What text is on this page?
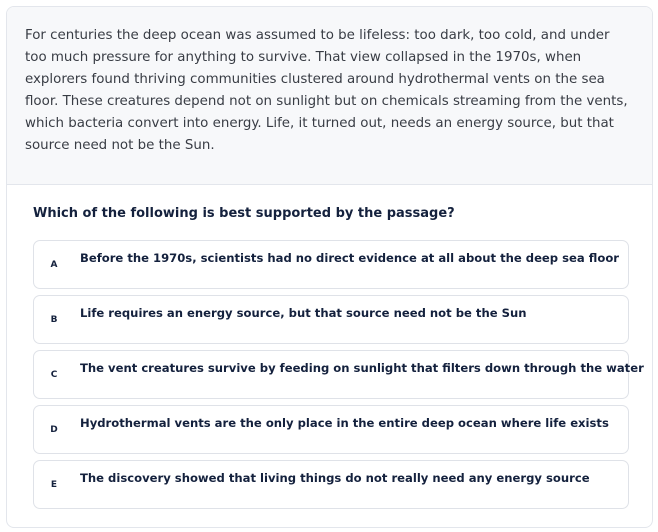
For centuries the deep ocean was assumed to be lifeless: too dark, too cold, and under too much pressure for anything to survive. That view collapsed in the 1970s, when explorers found thriving communities clustered around hydrothermal vents on the sea floor. These creatures depend not on sunlight but on chemicals streaming from the vents, which bacteria convert into energy. Life, it turned out, needs an energy source, but that source need not be the Sun.

Which of the following is best supported by the passage?
A	Before the 1970s, scientists had no direct evidence at all about the deep sea floor
B	Life requires an energy source, but that source need not be the Sun
C	The vent creatures survive by feeding on sunlight that filters down through the water
D	Hydrothermal vents are the only place in the entire deep ocean where life exists
E	The discovery showed that living things do not really need any energy source
